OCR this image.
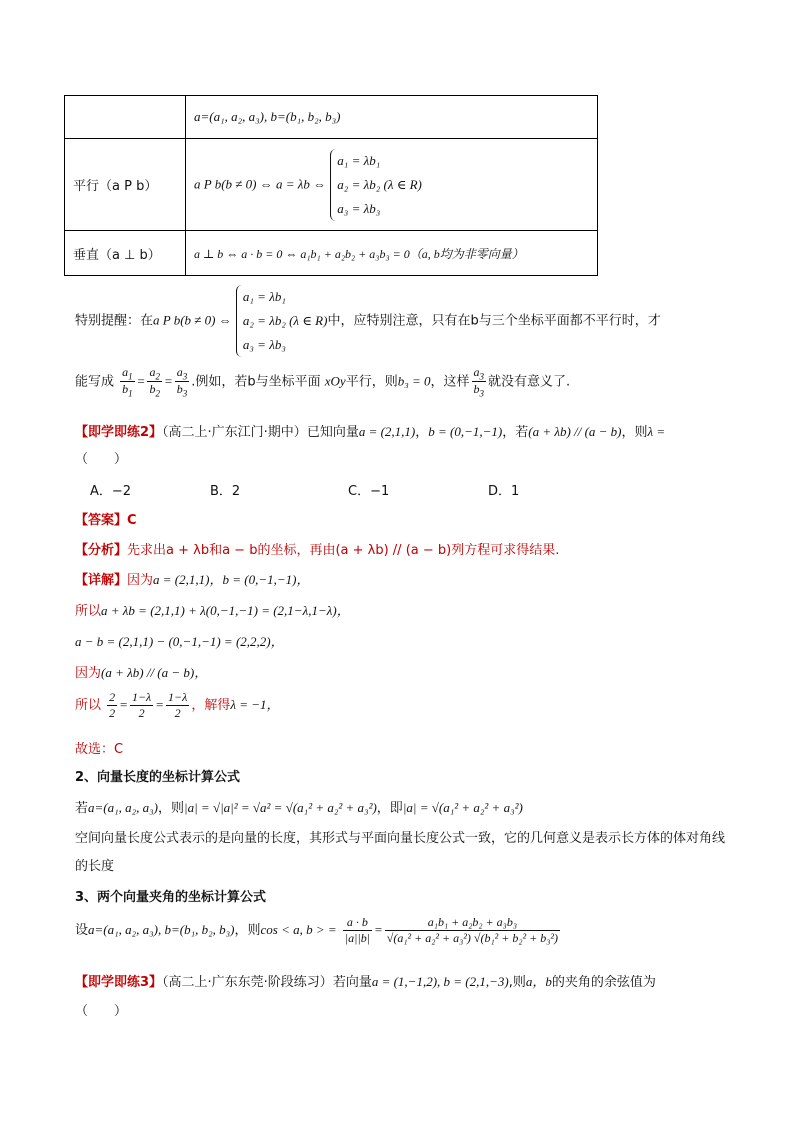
	a=(a₁, a₂, a₃), b=(b₁, b₂, b₃)
平行（a P b）	a P b(b ≠ 0) ⇔ a = λb ⇔
a₁ = λb₁
a₂ = λb₂ (λ ∈ R)
a₃ = λb₃

垂直（a ⊥ b）	a ⊥ b ⇔ a · b = 0 ⇔ a₁b₁ + a₂b₂ + a₃b₃ = 0（a, b均为非零向量）
特别提醒：在a P b(b ≠ 0) ⇔
a₁ = λb₁
a₂ = λb₂ (λ ∈ R)
a₃ = λb₃
中，应特别注意，只有在b与三个坐标平面都不平行时，才
能写成 $\frac{a_1}{b_1} = \frac{a_2}{b_2} = \frac{a_3}{b_3}$ .例如，若b与坐标平面 xOy平行，则b₃ = 0，这样 $\frac{a_3}{b_3}$ 就没有意义了.
【即学即练2】（高二上·广东江门·期中）已知向量a = (2,1,1)，b = (0,−1,−1)，若(a + λb) // (a − b)，则λ =
（　　）
A．−2	B．2	C．−1	D．1
【答案】C
【分析】先求出a + λb和a − b的坐标，再由(a + λb) // (a − b)列方程可求得结果.
【详解】因为a = (2,1,1)，b = (0,−1,−1)，
所以a + λb = (2,1,1) + λ(0,−1,−1) = (2,1−λ,1−λ)，
a − b = (2,1,1) − (0,−1,−1) = (2,2,2)，
因为(a + λb) // (a − b)，
所以 $\frac{2}{2} = \frac{1-\lambda}{2} = \frac{1-\lambda}{2}$ ，解得λ = −1，
故选：C
2、向量长度的坐标计算公式
若a=(a₁, a₂, a₃)，则|a| = √|a|² = √a² = √(a₁² + a₂² + a₃²)，即|a| = √(a₁² + a₂² + a₃²)
空间向量长度公式表示的是向量的长度，其形式与平面向量长度公式一致，它的几何意义是表示长方体的体对角线的长度
3、两个向量夹角的坐标计算公式
设a=(a₁, a₂, a₃), b=(b₁, b₂, b₃)，则cos < a, b > = $\frac{a \cdot b}{|a||b|} = \frac{\text{a₁b₁ + a₂b₂ + a₃b₃}}{\text{√(a₁² + a₂² + a₃²) √(b₁² + b₂² + b₃²)}}$
【即学即练3】（高二上·广东东莞·阶段练习）若向量a = (1,−1,2), b = (2,1,−3),则a，b的夹角的余弦值为
（　　）
